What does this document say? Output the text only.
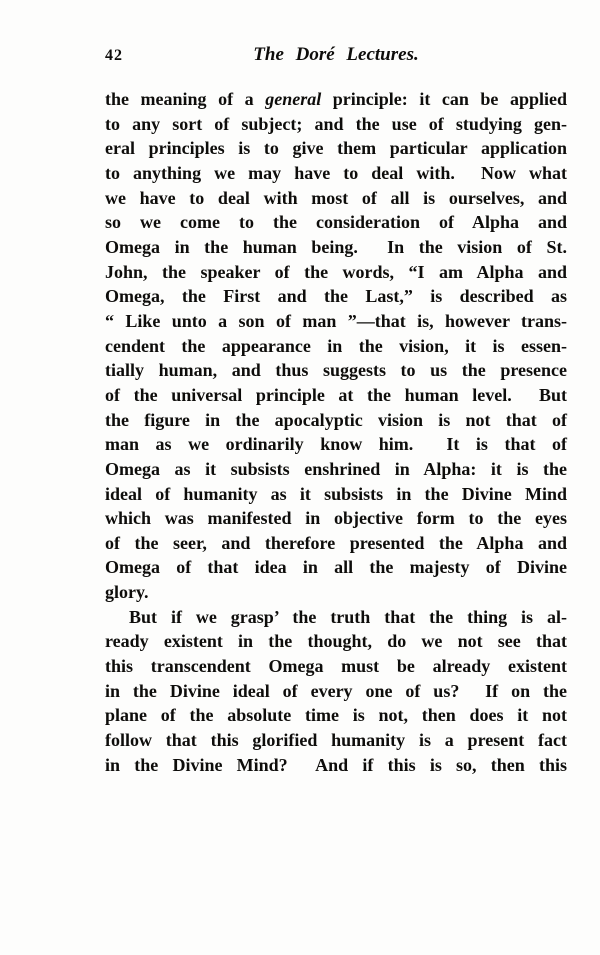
42	The Doré Lectures.
the meaning of a general principle: it can be applied
to any sort of subject; and the use of studying gen-
eral principles is to give them particular application
to anything we may have to deal with.  Now what
we have to deal with most of all is ourselves, and
so we come to the consideration of Alpha and
Omega in the human being.  In the vision of St.
John, the speaker of the words, “I am Alpha and
Omega, the First and the Last,” is described as
“ Like unto a son of man ”—that is, however trans-
cendent the appearance in the vision, it is essen-
tially human, and thus suggests to us the presence
of the universal principle at the human level.  But
the figure in the apocalyptic vision is not that of
man as we ordinarily know him.  It is that of
Omega as it subsists enshrined in Alpha: it is the
ideal of humanity as it subsists in the Divine Mind
which was manifested in objective form to the eyes
of the seer, and therefore presented the Alpha and
Omega of that idea in all the majesty of Divine
glory.
But if we grasp’ the truth that the thing is al-
ready existent in the thought, do we not see that
this transcendent Omega must be already existent
in the Divine ideal of every one of us?  If on the
plane of the absolute time is not, then does it not
follow that this glorified humanity is a present fact
in the Divine Mind?  And if this is so, then this
